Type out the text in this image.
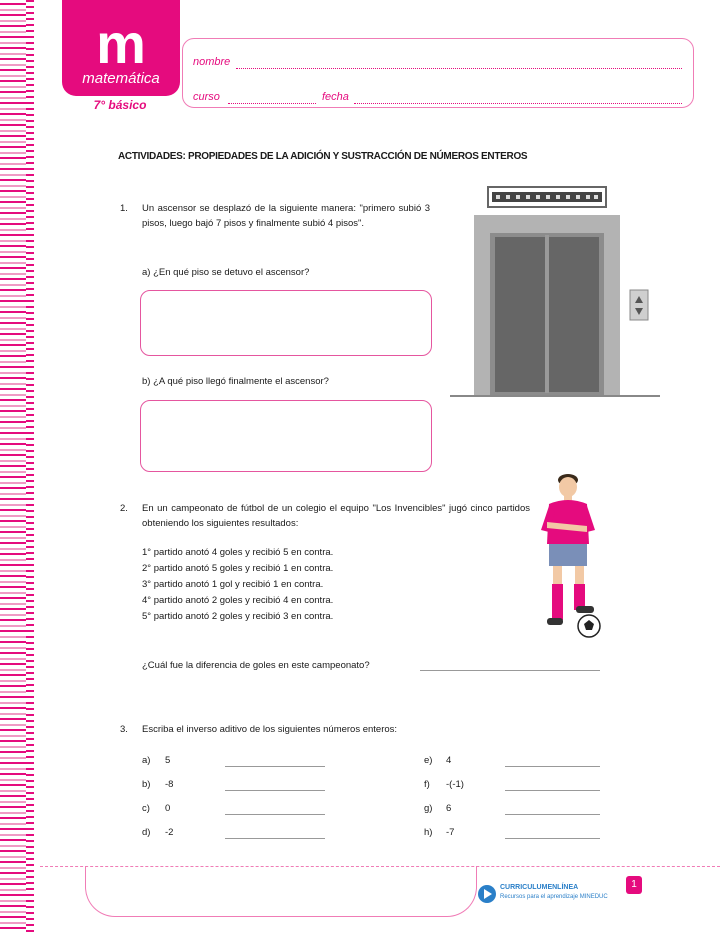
m
matemática
7° básico
nombre
curso	fecha
ACTIVIDADES: PROPIEDADES DE LA ADICIÓN Y SUSTRACCIÓN DE NÚMEROS ENTEROS
1. Un ascensor se desplazó de la siguiente manera: "primero subió 3 pisos, luego bajó 7 pisos y finalmente subió 4 pisos".
a) ¿En qué piso se detuvo el ascensor?
b) ¿A qué piso llegó finalmente el ascensor?
2. En un campeonato de fútbol de un colegio el equipo "Los Invencibles" jugó cinco partidos obteniendo los siguientes resultados:
1° partido anotó 4 goles y recibió 5 en contra.
2° partido anotó 5 goles y recibió 1 en contra.
3° partido anotó 1 gol y recibió 1 en contra.
4° partido anotó 2 goles y recibió 4 en contra.
5° partido anotó 2 goles y recibió 3 en contra.
¿Cuál fue la diferencia de goles en este campeonato?
3. Escriba el inverso aditivo de los siguientes números enteros:
a) 5
b) -8
c) 0
d) -2
e) 4
f) -(-1)
g) 6
h) -7
CURRICULUMENLÍNEA
Recursos para el aprendizaje MINEDUC
1
